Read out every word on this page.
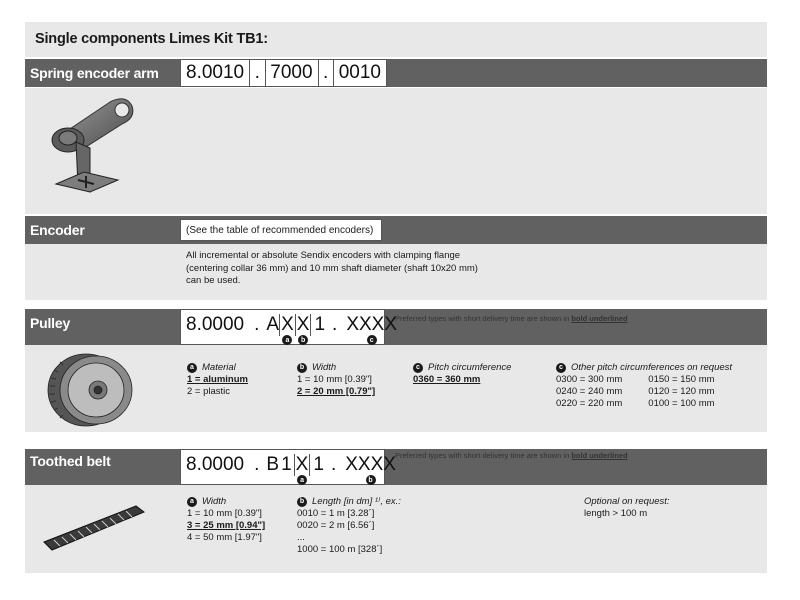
Single components Limes Kit TB1:
Spring encoder arm	8.0010 . 7000 . 0010
Encoder	(See the table of recommended encoders)
All incremental or absolute Sendix encoders with clamping flange
(centering collar 36 mm) and 10 mm shaft diameter (shaft 10x20 mm)
can be used.
Pulley	8.0000 . A X
a
X
b
1 . XXXX
c
Preferred types with short delivery time are shown in bold underlined
a Material
1 = aluminum
2 = plastic
b Width
1 = 10 mm [0.39"]
2 = 20 mm [0.79"]
c Pitch circumference
0360 = 360 mm
c Other pitch circumferences on request
0300 = 300 mm
0240 = 240 mm
0220 = 220 mm
0150 = 150 mm
0120 = 120 mm
0100 = 100 mm
Toothed belt	8.0000 . B 1 X
a
1 . XXXX
b
Preferred types with short delivery time are shown in bold underlined
a Width
1 = 10 mm [0.39"]
3 = 25 mm [0.94"]
4 = 50 mm [1.97"]
b Length [in dm] ¹⁾, ex.:
0010 = 1 m [3.28´]
0020 = 2 m [6.56´]
...
1000 = 100 m [328´]
Optional on request:
length > 100 m
